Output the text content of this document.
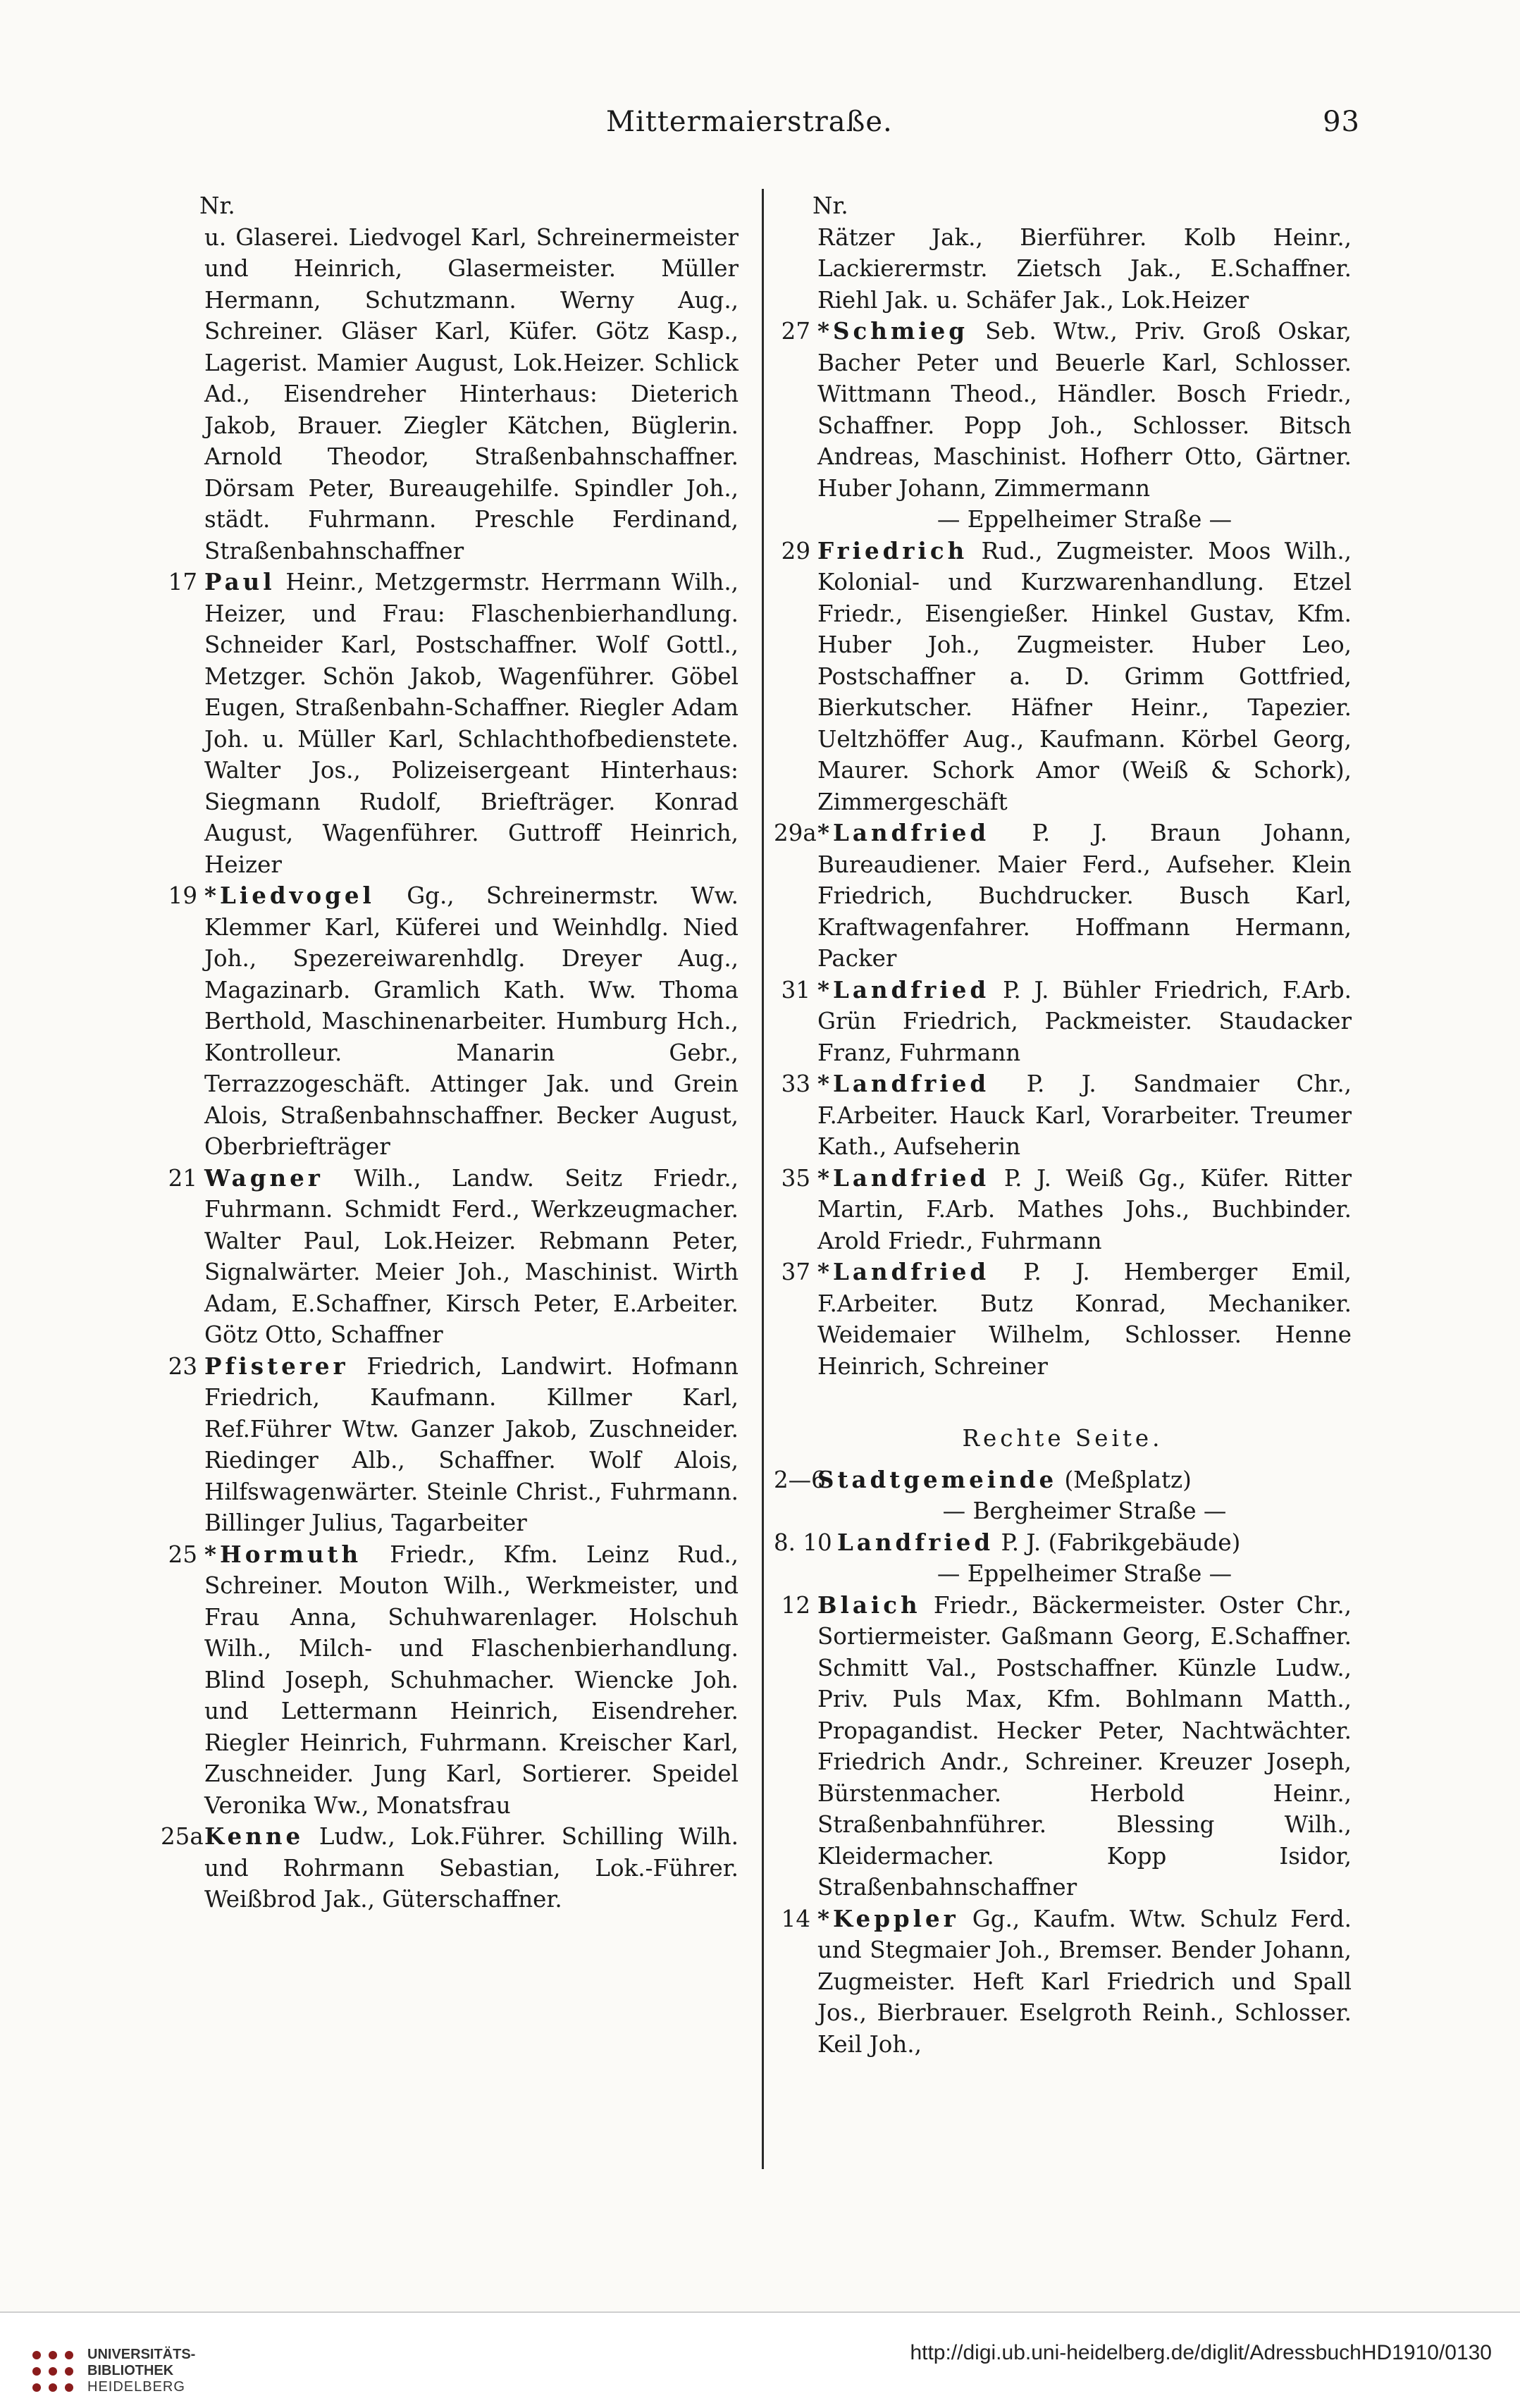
Mittermaierstraße.	93
Nr.
u. Glaserei. Liedvogel Karl, Schreinermeister und Heinrich, Glasermeister. Müller Hermann, Schutzmann. Werny Aug., Schreiner. Gläser Karl, Küfer. Götz Kasp., Lagerist. Mamier August, Lok.Heizer. Schlick Ad., Eisendreher Hinterhaus: Dieterich Jakob, Brauer. Ziegler Kätchen, Büglerin. Arnold Theodor, Straßenbahnschaffner. Dörsam Peter, Bureaugehilfe. Spindler Joh., städt. Fuhrmann. Preschle Ferdinand, Straßenbahnschaffner
17 Paul Heinr., Metzgermstr. Herrmann Wilh., Heizer, und Frau: Flaschenbierhandlung. Schneider Karl, Postschaffner. Wolf Gottl., Metzger. Schön Jakob, Wagenführer. Göbel Eugen, Straßenbahn-Schaffner. Riegler Adam Joh. u. Müller Karl, Schlachthofbedienstete. Walter Jos., Polizeisergeant Hinterhaus: Siegmann Rudolf, Briefträger. Konrad August, Wagenführer. Guttroff Heinrich, Heizer
19 *Liedvogel Gg., Schreinermstr. Ww. Klemmer Karl, Küferei und Weinhdlg. Nied Joh., Spezereiwarenhdlg. Dreyer Aug., Magazinarb. Gramlich Kath. Ww. Thoma Berthold, Maschinenarbeiter. Humburg Hch., Kontrolleur. Manarin Gebr., Terrazzogeschäft. Attinger Jak. und Grein Alois, Straßenbahnschaffner. Becker August, Oberbriefträger
21 Wagner Wilh., Landw. Seitz Friedr., Fuhrmann. Schmidt Ferd., Werkzeugmacher. Walter Paul, Lok.Heizer. Rebmann Peter, Signalwärter. Meier Joh., Maschinist. Wirth Adam, E.Schaffner, Kirsch Peter, E.Arbeiter. Götz Otto, Schaffner
23 Pfisterer Friedrich, Landwirt. Hofmann Friedrich, Kaufmann. Killmer Karl, Ref.Führer Wtw. Ganzer Jakob, Zuschneider. Riedinger Alb., Schaffner. Wolf Alois, Hilfswagenwärter. Steinle Christ., Fuhrmann. Billinger Julius, Tagarbeiter
25 *Hormuth Friedr., Kfm. Leinz Rud., Schreiner. Mouton Wilh., Werkmeister, und Frau Anna, Schuhwarenlager. Holschuh Wilh., Milch- und Flaschenbierhandlung. Blind Joseph, Schuhmacher. Wiencke Joh. und Lettermann Heinrich, Eisendreher. Riegler Heinrich, Fuhrmann. Kreischer Karl, Zuschneider. Jung Karl, Sortierer. Speidel Veronika Ww., Monatsfrau
25a Kenne Ludw., Lok.Führer. Schilling Wilh. und Rohrmann Sebastian, Lok.-Führer. Weißbrod Jak., Güterschaffner.
Nr.
Rätzer Jak., Bierführer. Kolb Heinr., Lackierermstr. Zietsch Jak., E.Schaffner. Riehl Jak. u. Schäfer Jak., Lok.Heizer
27 *Schmieg Seb. Wtw., Priv. Groß Oskar, Bacher Peter und Beuerle Karl, Schlosser. Wittmann Theod., Händler. Bosch Friedr., Schaffner. Popp Joh., Schlosser. Bitsch Andreas, Maschinist. Hofherr Otto, Gärtner. Huber Johann, Zimmermann
— Eppelheimer Straße —
29 Friedrich Rud., Zugmeister. Moos Wilh., Kolonial- und Kurzwarenhandlung. Etzel Friedr., Eisengießer. Hinkel Gustav, Kfm. Huber Joh., Zugmeister. Huber Leo, Postschaffner a. D. Grimm Gottfried, Bierkutscher. Häfner Heinr., Tapezier. Ueltzhöffer Aug., Kaufmann. Körbel Georg, Maurer. Schork Amor (Weiß & Schork), Zimmergeschäft
29a *Landfried P. J. Braun Johann, Bureaudiener. Maier Ferd., Aufseher. Klein Friedrich, Buchdrucker. Busch Karl, Kraftwagenfahrer. Hoffmann Hermann, Packer
31 *Landfried P. J. Bühler Friedrich, F.Arb. Grün Friedrich, Packmeister. Staudacker Franz, Fuhrmann
33 *Landfried P. J. Sandmaier Chr., F.Arbeiter. Hauck Karl, Vorarbeiter. Treumer Kath., Aufseherin
35 *Landfried P. J. Weiß Gg., Küfer. Ritter Martin, F.Arb. Mathes Johs., Buchbinder. Arold Friedr., Fuhrmann
37 *Landfried P. J. Hemberger Emil, F.Arbeiter. Butz Konrad, Mechaniker. Weidemaier Wilhelm, Schlosser. Henne Heinrich, Schreiner
Rechte Seite.
2—6
Stadtgemeinde (Meßplatz)
— Bergheimer Straße —
8. 10 Landfried P. J. (Fabrikgebäude)
— Eppelheimer Straße —
12 Blaich Friedr., Bäckermeister. Oster Chr., Sortiermeister. Gaßmann Georg, E.Schaffner. Schmitt Val., Postschaffner. Künzle Ludw., Priv. Puls Max, Kfm. Bohlmann Matth., Propagandist. Hecker Peter, Nachtwächter. Friedrich Andr., Schreiner. Kreuzer Joseph, Bürstenmacher. Herbold Heinr., Straßenbahnführer. Blessing Wilh., Kleidermacher. Kopp Isidor, Straßenbahnschaffner
14 *Keppler Gg., Kaufm. Wtw. Schulz Ferd. und Stegmaier Joh., Bremser. Bender Johann, Zugmeister. Heft Karl Friedrich und Spall Jos., Bierbrauer. Eselgroth Reinh., Schlosser. Keil Joh.,
UNIVERSITÄTS-
BIBLIOTHEK
HEIDELBERG
http://digi.ub.uni-heidelberg.de/diglit/AdressbuchHD1910/0130
